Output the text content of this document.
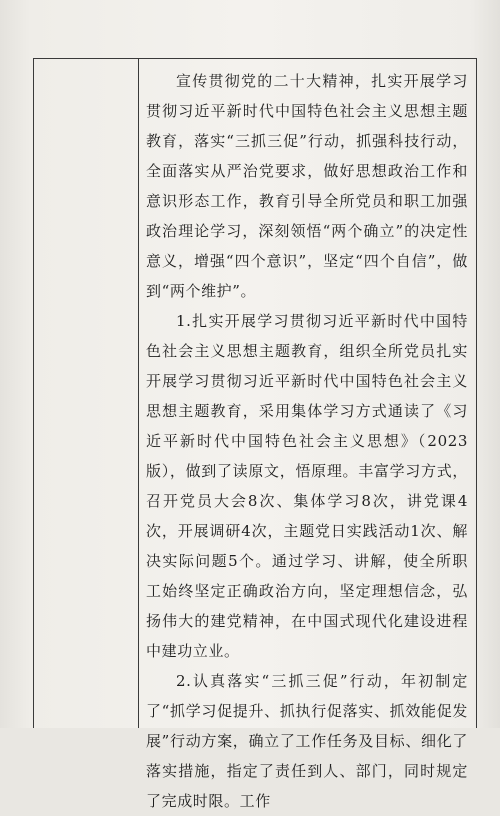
宣传贯彻党的二十大精神，扎实开展学习贯彻习近平新时代中国特色社会主义思想主题教育，落实“三抓三促”行动，抓强科技行动，全面落实从严治党要求，做好思想政治工作和意识形态工作，教育引导全所党员和职工加强政治理论学习，深刻领悟“两个确立”的决定性意义，增强“四个意识”，坚定“四个自信”，做到“两个维护”。

1.扎实开展学习贯彻习近平新时代中国特色社会主义思想主题教育，组织全所党员扎实开展学习贯彻习近平新时代中国特色社会主义思想主题教育，采用集体学习方式通读了《习近平新时代中国特色社会主义思想》（2023版），做到了读原文，悟原理。丰富学习方式，召开党员大会8次、集体学习8次，讲党课4次，开展调研4次，主题党日实践活动1次、解决实际问题5个。通过学习、讲解，使全所职工始终坚定正确政治方向，坚定理想信念，弘扬伟大的建党精神，在中国式现代化建设进程中建功立业。

2.认真落实“三抓三促”行动，年初制定了“抓学习促提升、抓执行促落实、抓效能促发展”行动方案，确立了工作任务及目标、细化了落实措施，指定了责任到人、部门，同时规定了完成时限。工作
